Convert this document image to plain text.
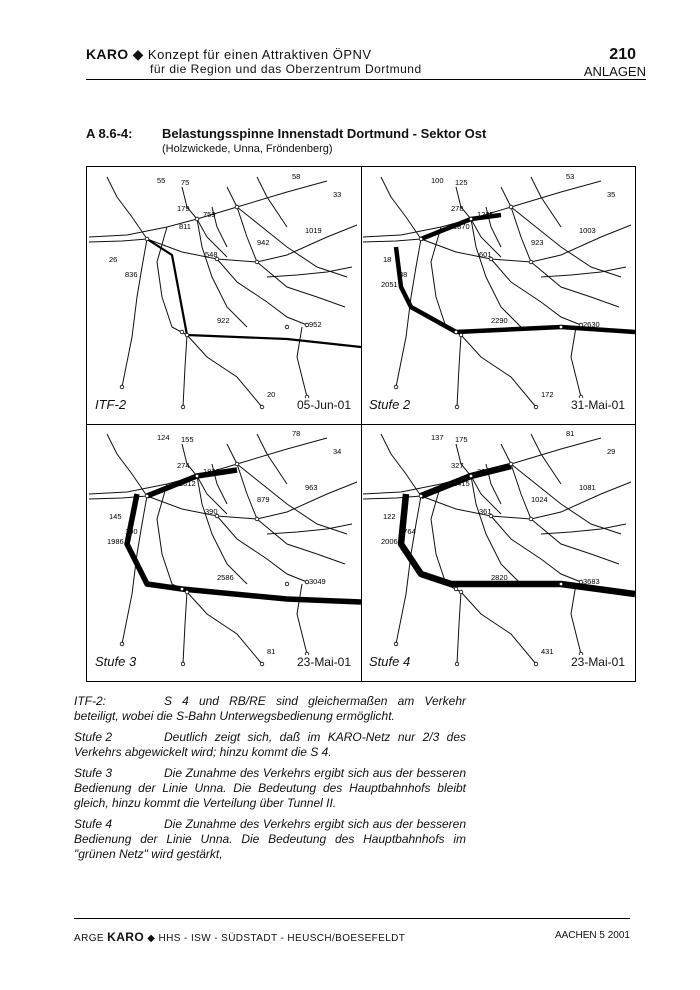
KARO ◆ Konzept für einen Attraktiven ÖPNV
für die Region und das Oberzentrum Dortmund
210
ANLAGEN
A 8.6-4: Belastungsspinne Innenstadt Dortmund - Sektor Ost
(Holzwickede, Unna, Fröndenberg)
55 75
58
33
179
759
811
942
1019
548
26
836
20
922	952
ITF-2	05-Jun-01
100 125
53
35
278
1285
1870
923
1003
601
2051
18
88
172
2290	2630
Stufe 2	31-Mai-01
124 155
78
34
274
1830
1812
879
963
390
1986
145
100
81
2586	3049
Stufe 3	23-Mai-01
137 175
81
29
327
2303
2415
1024
1081
361
2006
122
2764
431
2820	3683
Stufe 4	23-Mai-01
ITF-2:	S 4 und RB/RE sind gleichermaßen am Verkehr beteiligt, wobei die S-Bahn Unterwegsbedienung ermöglicht.
Stufe 2	Deutlich zeigt sich, daß im KARO-Netz nur 2/3 des Verkehrs abgewickelt wird; hinzu kommt die S 4.
Stufe 3	Die Zunahme des Verkehrs ergibt sich aus der besseren Bedienung der Linie Unna. Die Bedeutung des Hauptbahnhofs bleibt gleich, hinzu kommt die Verteilung über Tunnel II.
Stufe 4	Die Zunahme des Verkehrs ergibt sich aus der besseren Bedienung der Linie Unna. Die Bedeutung des Hauptbahnhofs im "grünen Netz" wird gestärkt,
ARGE KARO ◆ HHS - ISW - SÜDSTADT - HEUSCH/BOESEFELDT	AACHEN 5 2001
